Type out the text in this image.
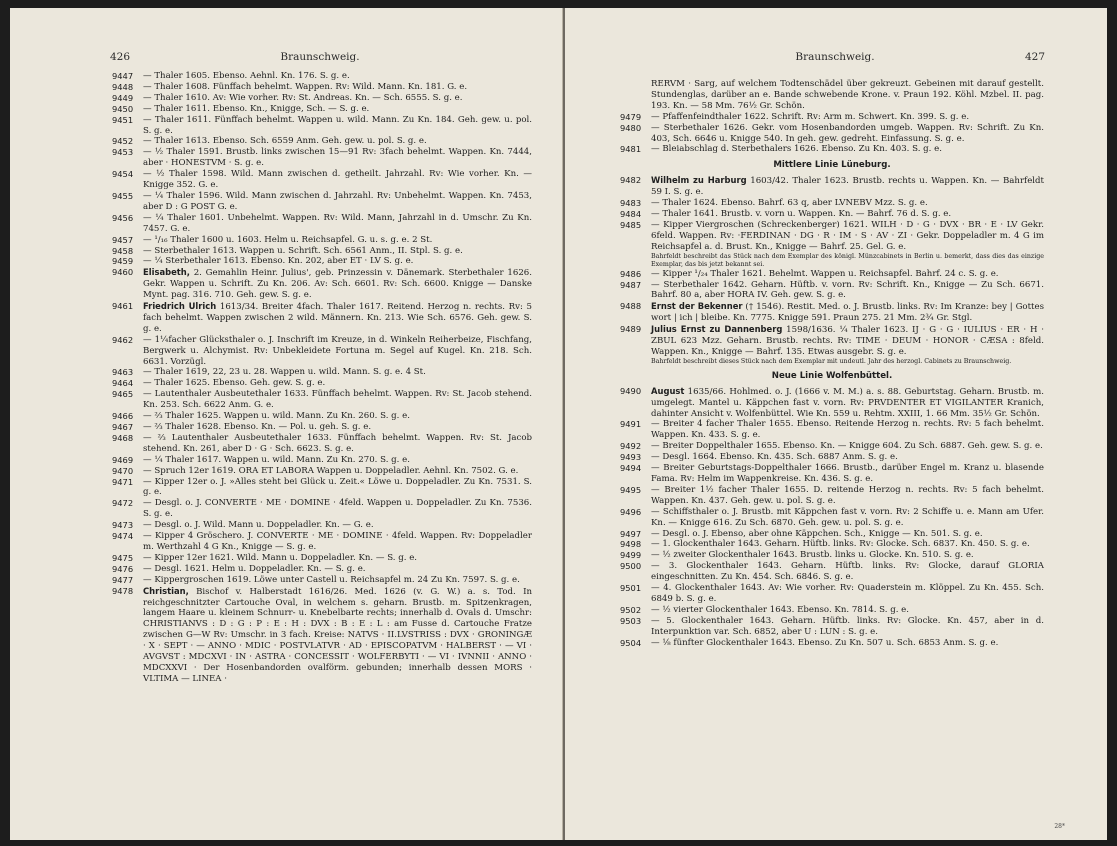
426	Braunschweig.
9447 — Thaler 1605. Ebenso. Aehnl. Kn. 176. S. g. e.
9448 — Thaler 1608. Fünffach behelmt. Wappen. Rv: Wild. Mann. Kn. 181. G. e.
9449 — Thaler 1610. Av: Wie vorher. Rv: St. Andreas. Kn. — Sch. 6555. S. g. e.
9450 — Thaler 1611. Ebenso. Kn., Knigge, Sch. — S. g. e.
9451 — Thaler 1611. Fünffach behelmt. Wappen u. wild. Mann. Zu Kn. 184. Geh. gew. u. pol. S. g. e.
9452 — Thaler 1613. Ebenso. Sch. 6559 Anm. Geh. gew. u. pol. S. g. e.
9453 — ½ Thaler 1591. Brustb. links zwischen 15—91 Rv: 3fach behelmt. Wappen. Kn. 7444, aber · HONESTVM · S. g. e.
9454 — ½ Thaler 1598. Wild. Mann zwischen d. getheilt. Jahrzahl. Rv: Wie vorher. Kn. — Knigge 352. G. e.
9455 — ¼ Thaler 1596. Wild. Mann zwischen d. Jahrzahl. Rv: Unbehelmt. Wappen. Kn. 7453, aber D : G POST G. e.
9456 — ¼ Thaler 1601. Unbehelmt. Wappen. Rv: Wild. Mann, Jahrzahl in d. Umschr. Zu Kn. 7457. G. e.
9457 — ¹/₁₆ Thaler 1600 u. 1603. Helm u. Reichsapfel. G. u. s. g. e. 2 St.
9458 — Sterbethaler 1613. Wappen u. Schrift. Sch. 6561 Anm., II. Stpl. S. g. e.
9459 — ¼ Sterbethaler 1613. Ebenso. Kn. 202, aber ET · LV S. g. e.
9460 Elisabeth, 2. Gemahlin Heinr. Julius', geb. Prinzessin v. Dänemark. Sterbethaler 1626. Gekr. Wappen u. Schrift. Zu Kn. 206. Av: Sch. 6601. Rv: Sch. 6600. Knigge — Danske Mynt. pag. 316. 710. Geh. gew. S. g. e.
9461 Friedrich Ulrich 1613/34. Breiter 4fach. Thaler 1617. Reitend. Herzog n. rechts. Rv: 5 fach behelmt. Wappen zwischen 2 wild. Männern. Kn. 213. Wie Sch. 6576. Geh. gew. S. g. e.
9462 — 1¼facher Glücksthaler o. J. Inschrift im Kreuze, in d. Winkeln Reiherbeize, Fischfang, Bergwerk u. Alchymist. Rv: Unbekleidete Fortuna m. Segel auf Kugel. Kn. 218. Sch. 6631. Vorzügl.
9463 — Thaler 1619, 22, 23 u. 28. Wappen u. wild. Mann. S. g. e. 4 St.
9464 — Thaler 1625. Ebenso. Geh. gew. S. g. e.
9465 — Lautenthaler Ausbeutethaler 1633. Fünffach behelmt. Wappen. Rv: St. Jacob stehend. Kn. 253. Sch. 6622 Anm. G. e.
9466 — ⅔ Thaler 1625. Wappen u. wild. Mann. Zu Kn. 260. S. g. e.
9467 — ⅔ Thaler 1628. Ebenso. Kn. — Pol. u. geh. S. g. e.
9468 — ⅔ Lautenthaler Ausbeutethaler 1633. Fünffach behelmt. Wappen. Rv: St. Jacob stehend. Kn. 261, aber D · G · Sch. 6623. S. g. e.
9469 — ¼ Thaler 1617. Wappen u. wild. Mann. Zu Kn. 270. S. g. e.
9470 — Spruch 12er 1619. ORA ET LABORA Wappen u. Doppeladler. Aehnl. Kn. 7502. G. e.
9471 — Kipper 12er o. J. »Alles steht bei Glück u. Zeit.« Löwe u. Doppeladler. Zu Kn. 7531. S. g. e.
9472 — Desgl. o. J. CONVERTE · ME · DOMINE · 4feld. Wappen u. Doppeladler. Zu Kn. 7536. S. g. e.
9473 — Desgl. o. J. Wild. Mann u. Doppeladler. Kn. — G. e.
9474 — Kipper 4 Gröschero. J. CONVERTE · ME · DOMINE · 4feld. Wappen. Rv: Doppeladler m. Werthzahl 4 G Kn., Knigge — S. g. e.
9475 — Kipper 12er 1621. Wild. Mann u. Doppeladler. Kn. — S. g. e.
9476 — Desgl. 1621. Helm u. Doppeladler. Kn. — S. g. e.
9477 — Kippergroschen 1619. Löwe unter Castell u. Reichsapfel m. 24 Zu Kn. 7597. S. g. e.
9478 Christian, Bischof v. Halberstadt 1616/26. Med. 1626 (v. G. W.) a. s. Tod. In reichgeschnitzter Cartouche Oval, in welchem s. geharn. Brustb. m. Spitzenkragen, langem Haare u. kleinem Schnurr- u. Knebelbarte rechts; innerhalb d. Ovals d. Umschr: CHRISTIANVS : D : G : P : E : H : DVX : B : E : L : am Fusse d. Cartouche Fratze zwischen G—W Rv: Umschr. in 3 fach. Kreise: NATVS · II.LVSTRISS : DVX · GRONINGÆ · X · SEPT · — ANNO · MDIC · POSTVLATVR · AD · EPISCOPATVM · HALBERST · — VI · AVGVST : MDCXVI · IN · ASTRA · CONCESSIT · WOLFERBYTI · — VI · IVNNII · ANNO · MDCXXVI · Der Hosenbandorden ovalförm. gebunden; innerhalb dessen MORS · VLTIMA — LINEA ·
Braunschweig.	427
RERVM · Sarg, auf welchem Todtenschädel über gekreuzt. Gebeinen mit darauf gestellt. Stundenglas, darüber an e. Bande schwebende Krone. v. Praun 192. Köhl. Mzbel. II. pag. 193. Kn. — 58 Mm. 76½ Gr. Schön.
9479 — Pfaffenfeindthaler 1622. Schrift. Rv: Arm m. Schwert. Kn. 399. S. g. e.
9480 — Sterbethaler 1626. Gekr. vom Hosenbandorden umgeb. Wappen. Rv: Schrift. Zu Kn. 403, Sch. 6646 u. Knigge 540. In geh. gew. gedreht. Einfassung. S. g. e.
9481 — Bleiabschlag d. Sterbethalers 1626. Ebenso. Zu Kn. 403. S. g. e.
Mittlere Linie Lüneburg.
9482 Wilhelm zu Harburg 1603/42. Thaler 1623. Brustb. rechts u. Wappen. Kn. — Bahrfeldt 59 I. S. g. e.
9483 — Thaler 1624. Ebenso. Bahrf. 63 q, aber LVNEBV Mzz. S. g. e.
9484 — Thaler 1641. Brustb. v. vorn u. Wappen. Kn. — Bahrf. 76 d. S. g. e.
9485 — Kipper Viergroschen (Schreckenberger) 1621. WILH · D · G · DVX · BR · E · LV Gekr. 6feld. Wappen. Rv: ·FERDINAN · DG · R · IM · S · AV · ZI · Gekr. Doppeladler m. 4 G im Reichsapfel a. d. Brust. Kn., Knigge — Bahrf. 25. Gel. G. e.
Bahrfeldt beschreibt das Stück nach dem Exemplar des königl. Münzcabinets in Berlin u. bemerkt, dass dies das einzige Exemplar, das bis jetzt bekannt sei.
9486 — Kipper ¹/₂₄ Thaler 1621. Behelmt. Wappen u. Reichsapfel. Bahrf. 24 c. S. g. e.
9487 — Sterbethaler 1642. Geharn. Hüftb. v. vorn. Rv: Schrift. Kn., Knigge — Zu Sch. 6671. Bahrf. 80 a, aber HORA IV. Geh. gew. S. g. e.
9488 Ernst der Bekenner († 1546). Restit. Med. o. J. Brustb. links. Rv: Im Kranze: bey | Gottes wort | ich | bleibe. Kn. 7775. Knigge 591. Praun 275. 21 Mm. 2¾ Gr. Stgl.
9489 Julius Ernst zu Dannenberg 1598/1636. ¼ Thaler 1623. IJ · G · G · IULIUS · ER · H · ZBUL 623 Mzz. Geharn. Brustb. rechts. Rv: TIME · DEUM · HONOR · CÆSA : 8feld. Wappen. Kn., Knigge — Bahrf. 135. Etwas ausgebr. S. g. e.
Bahrfeldt beschreibt dieses Stück nach dem Exemplar mit undeutl. Jahr des herzogl. Cabinets zu Braunschweig.
Neue Linie Wolfenbüttel.
9490 August 1635/66. Hohlmed. o. J. (1666 v. M. M.) a. s. 88. Geburtstag. Geharn. Brustb. m. umgelegt. Mantel u. Käppchen fast v. vorn. Rv: PRVDENTER ET VIGILANTER Kranich, dahinter Ansicht v. Wolfenbüttel. Wie Kn. 559 u. Rehtm. XXIII, 1. 66 Mm. 35½ Gr. Schön.
9491 — Breiter 4 facher Thaler 1655. Ebenso. Reitende Herzog n. rechts. Rv: 5 fach behelmt. Wappen. Kn. 433. S. g. e.
9492 — Breiter Doppelthaler 1655. Ebenso. Kn. — Knigge 604. Zu Sch. 6887. Geh. gew. S. g. e.
9493 — Desgl. 1664. Ebenso. Kn. 435. Sch. 6887 Anm. S. g. e.
9494 — Breiter Geburtstags-Doppelthaler 1666. Brustb., darüber Engel m. Kranz u. blasende Fama. Rv: Helm im Wappenkreise. Kn. 436. S. g. e.
9495 — Breiter 1½ facher Thaler 1655. D. reitende Herzog n. rechts. Rv: 5 fach behelmt. Wappen. Kn. 437. Geh. gew. u. pol. S. g. e.
9496 — Schiffsthaler o. J. Brustb. mit Käppchen fast v. vorn. Rv: 2 Schiffe u. e. Mann am Ufer. Kn. — Knigge 616. Zu Sch. 6870. Geh. gew. u. pol. S. g. e.
9497 — Desgl. o. J. Ebenso, aber ohne Käppchen. Sch., Knigge — Kn. 501. S. g. e.
9498 — 1. Glockenthaler 1643. Geharn. Hüftb. links. Rv: Glocke. Sch. 6837. Kn. 450. S. g. e.
9499 — ½ zweiter Glockenthaler 1643. Brustb. links u. Glocke. Kn. 510. S. g. e.
9500 — 3. Glockenthaler 1643. Geharn. Hüftb. links. Rv: Glocke, darauf GLORIA eingeschnitten. Zu Kn. 454. Sch. 6846. S. g. e.
9501 — 4. Glockenthaler 1643. Av: Wie vorher. Rv: Quaderstein m. Klöppel. Zu Kn. 455. Sch. 6849 b. S. g. e.
9502 — ½ vierter Glockenthaler 1643. Ebenso. Kn. 7814. S. g. e.
9503 — 5. Glockenthaler 1643. Geharn. Hüftb. links. Rv: Glocke. Kn. 457, aber in d. Interpunktion var. Sch. 6852, aber U : LUN : S. g. e.
9504 — ⅛ fünfter Glockenthaler 1643. Ebenso. Zu Kn. 507 u. Sch. 6853 Anm. S. g. e.
28*
